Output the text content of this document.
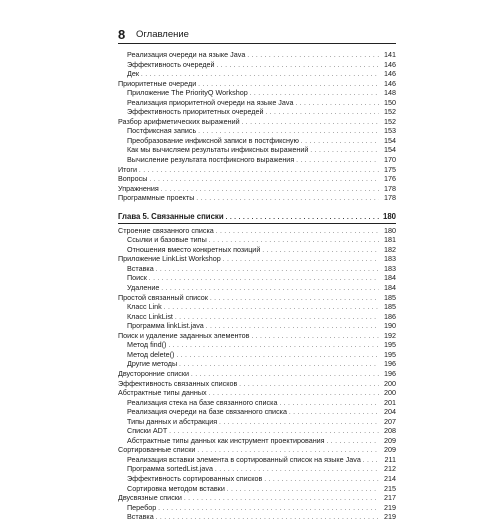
8 Оглавление
Реализация очереди на языке Java . . .	141
Эффективность очередей . . .	146
Дек . . .	146
Приоритетные очереди . . .	146
Приложение The PriorityQ Workshop . . .	148
Реализация приоритетной очереди на языке Java . . .	150
Эффективность приоритетных очередей . . .	152
Разбор арифметических выражений . . .	152
Постфиксная запись . . .	153
Преобразование инфиксной записи в постфиксную . . .	154
Как мы вычисляем результаты инфиксных выражений . . .	154
Вычисление результата постфиксного выражения . . .	170
Итоги . . .	175
Вопросы . . .	176
Упражнения . . .	178
Программные проекты . . .	178
Глава 5. Связанные списки . . .	180
Строение связанного списка . . .	180
Ссылки и базовые типы . . .	181
Отношения вместо конкретных позиций . . .	182
Приложение LinkList Workshop . . .	183
Вставка . . .	183
Поиск . . .	184
Удаление . . .	184
Простой связанный список . . .	185
Класс Link . . .	185
Класс LinkList . . .	186
Программа linkList.java . . .	190
Поиск и удаление заданных элементов . . .	192
Метод find() . . .	195
Метод delete() . . .	195
Другие методы . . .	196
Двусторонние списки . . .	196
Эффективность связанных списков . . .	200
Абстрактные типы данных . . .	200
Реализация стека на базе связанного списка . . .	201
Реализация очереди на базе связанного списка . . .	204
Типы данных и абстракция . . .	207
Списки ADT . . .	208
Абстрактные типы данных как инструмент проектирования . . .	209
Сортированные списки . . .	209
Реализация вставки элемента в сортированный список на языке Java . . .	211
Программа sortedList.java . . .	212
Эффективность сортированных списков . . .	214
Сортировка методом вставки . . .	215
Двусвязные списки . . .	217
Перебор . . .	219
Вставка . . .	219
